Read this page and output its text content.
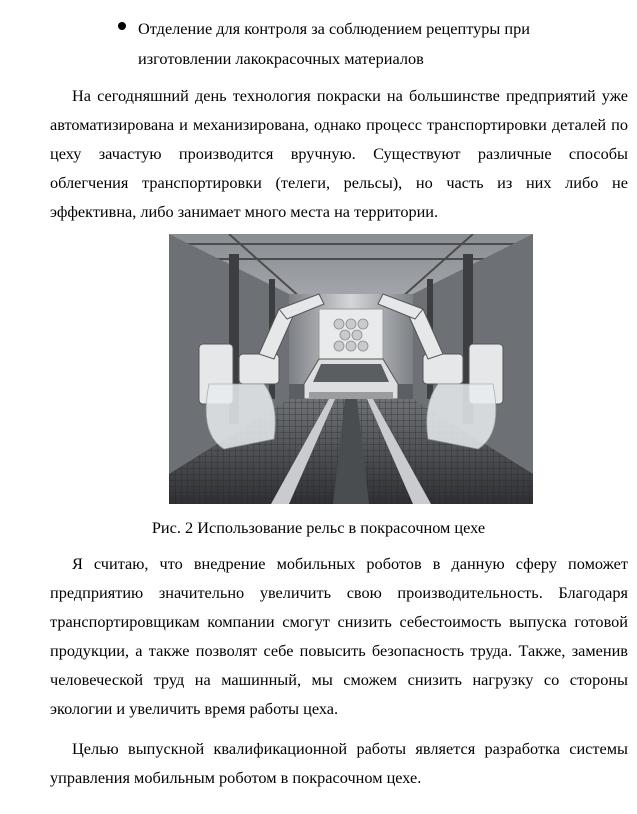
Отделение для контроля за соблюдением рецептуры при изготовлении лакокрасочных материалов

На сегодняшний день технология покраски на большинстве предприятий уже автоматизирована и механизирована, однако процесс транспортировки деталей по цеху зачастую производится вручную. Существуют различные способы облегчения транспортировки (телеги, рельсы), но часть из них либо не эффективна, либо занимает много места на территории.

Рис. 2 Использование рельс в покрасочном цехе

Я считаю, что внедрение мобильных роботов в данную сферу поможет предприятию значительно увеличить свою производительность. Благодаря транспортировщикам компании смогут снизить себестоимость выпуска готовой продукции, а также позволят себе повысить безопасность труда. Также, заменив человеческой труд на машинный, мы сможем снизить нагрузку со стороны экологии и увеличить время работы цеха.

Целью выпускной квалификационной работы является разработка системы управления мобильным роботом в покрасочном цехе.
